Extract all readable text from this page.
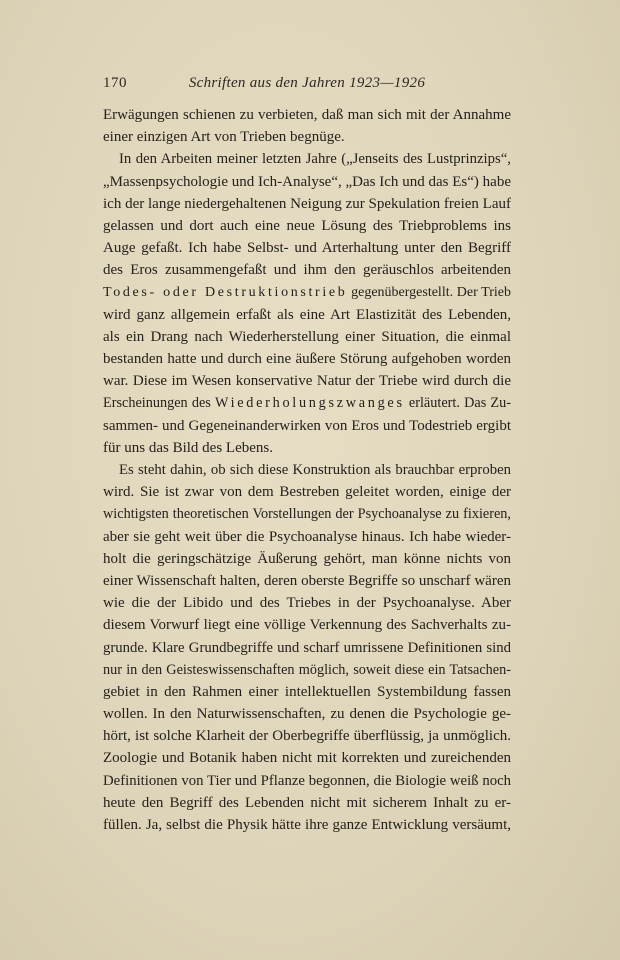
170	Schriften aus den Jahren 1923—1926
Erwägungen schienen zu verbieten, daß man sich mit der Annahme
einer einzigen Art von Trieben begnüge.
In den Arbeiten meiner letzten Jahre („Jenseits des Lustprinzips“,
„Massenpsychologie und Ich-Analyse“, „Das Ich und das Es“) habe
ich der lange niedergehaltenen Neigung zur Spekulation freien Lauf
gelassen und dort auch eine neue Lösung des Triebproblems ins
Auge gefaßt. Ich habe Selbst- und Arterhaltung unter den Begriff
des Eros zusammengefaßt und ihm den geräuschlos arbeitenden
Todes- oder Destruktionstrieb gegenübergestellt. Der Trieb
wird ganz allgemein erfaßt als eine Art Elastizität des Lebenden,
als ein Drang nach Wiederherstellung einer Situation, die einmal
bestanden hatte und durch eine äußere Störung aufgehoben worden
war. Diese im Wesen konservative Natur der Triebe wird durch die
Erscheinungen des Wiederholungszwanges erläutert. Das Zu-
sammen- und Gegeneinanderwirken von Eros und Todestrieb ergibt
für uns das Bild des Lebens.
Es steht dahin, ob sich diese Konstruktion als brauchbar erproben
wird. Sie ist zwar von dem Bestreben geleitet worden, einige der
wichtigsten theoretischen Vorstellungen der Psychoanalyse zu fixieren,
aber sie geht weit über die Psychoanalyse hinaus. Ich habe wieder-
holt die geringschätzige Äußerung gehört, man könne nichts von
einer Wissenschaft halten, deren oberste Begriffe so unscharf wären
wie die der Libido und des Triebes in der Psychoanalyse. Aber
diesem Vorwurf liegt eine völlige Verkennung des Sachverhalts zu-
grunde. Klare Grundbegriffe und scharf umrissene Definitionen sind
nur in den Geisteswissenschaften möglich, soweit diese ein Tatsachen-
gebiet in den Rahmen einer intellektuellen Systembildung fassen
wollen. In den Naturwissenschaften, zu denen die Psychologie ge-
hört, ist solche Klarheit der Oberbegriffe überflüssig, ja unmöglich.
Zoologie und Botanik haben nicht mit korrekten und zureichenden
Definitionen von Tier und Pflanze begonnen, die Biologie weiß noch
heute den Begriff des Lebenden nicht mit sicherem Inhalt zu er-
füllen. Ja, selbst die Physik hätte ihre ganze Entwicklung versäumt,
